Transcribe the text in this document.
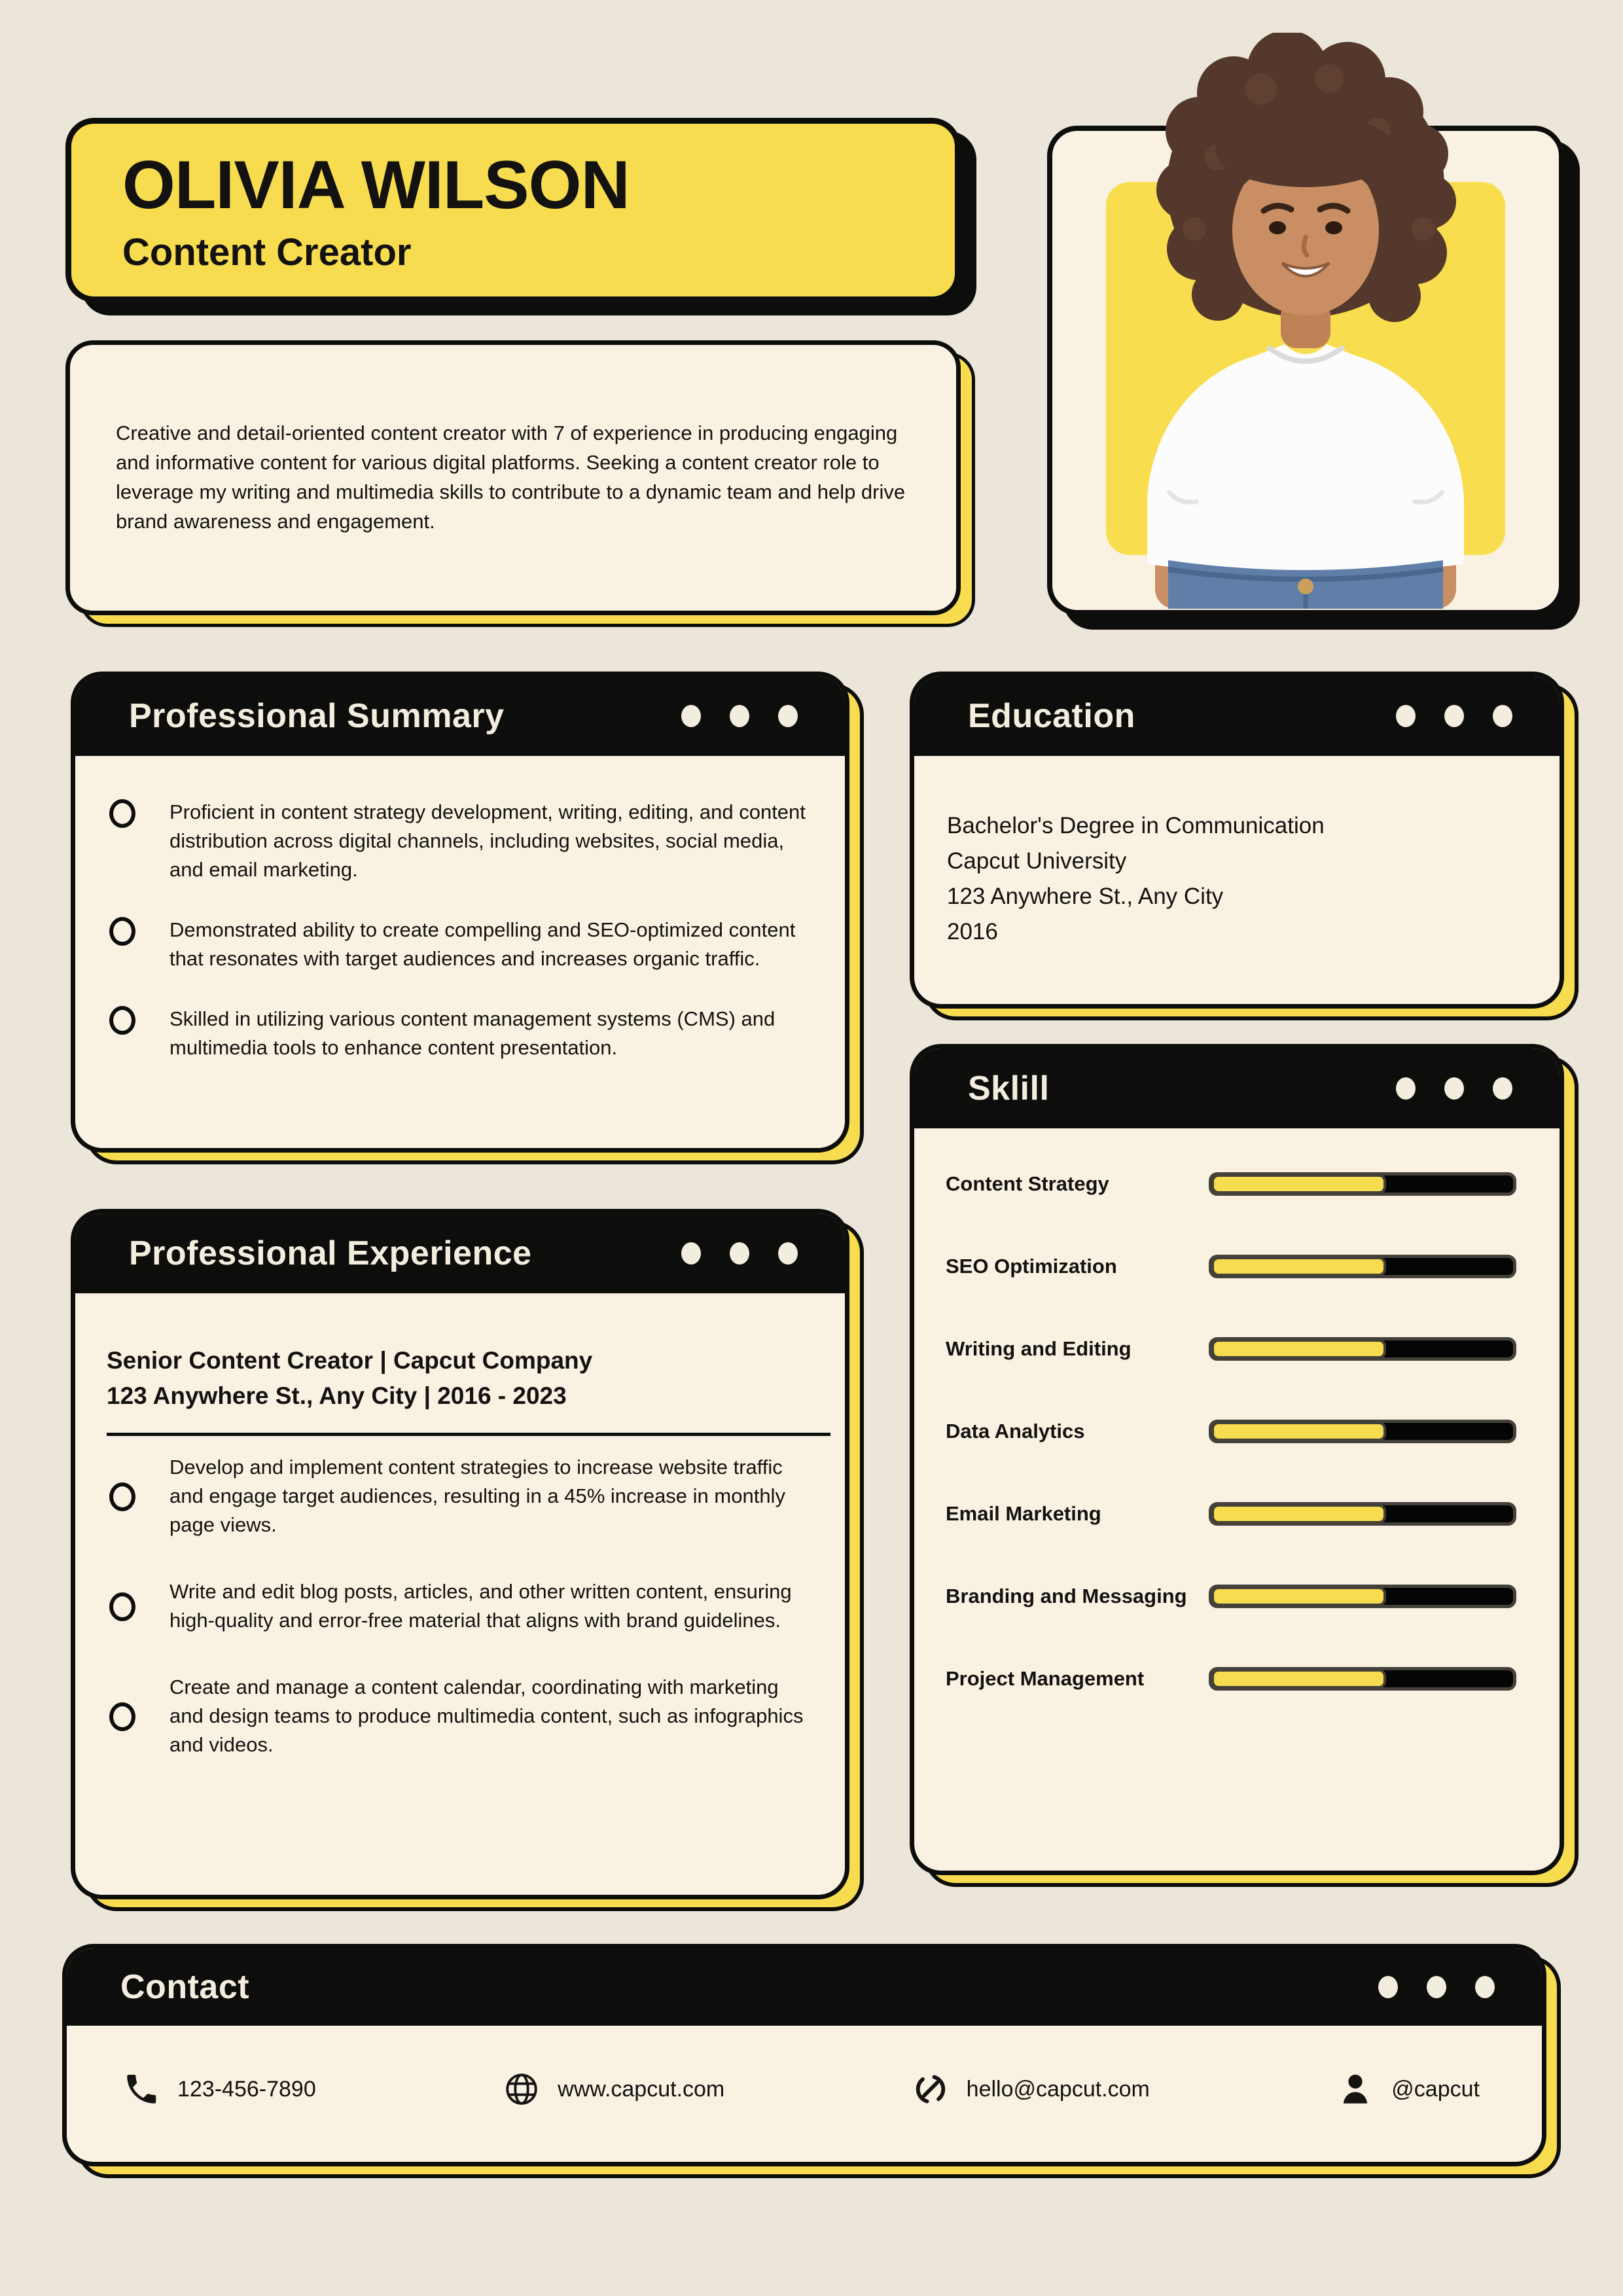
OLIVIA WILSON
Content Creator

Creative and detail-oriented content creator with 7 of experience in producing engaging and informative content for various digital platforms. Seeking a content creator role to leverage my writing and multimedia skills to contribute to a dynamic team and help drive brand awareness and engagement.

Professional Summary
Proficient in content strategy development, writing, editing, and content distribution across digital channels, including websites, social media, and email marketing.
Demonstrated ability to create compelling and SEO-optimized content that resonates with target audiences and increases organic traffic.
Skilled in utilizing various content management systems (CMS) and multimedia tools to enhance content presentation.
Education
Bachelor's Degree in Communication
Capcut University
123 Anywhere St., Any City
2016
Sklill
Content Strategy
SEO Optimization
Writing and Editing
Data Analytics
Email Marketing
Branding and Messaging
Project Management
Professional Experience
Senior Content Creator | Capcut Company
123 Anywhere St., Any City | 2016 - 2023
Develop and implement content strategies to increase website traffic and engage target audiences, resulting in a 45% increase in monthly page views.
Write and edit blog posts, articles, and other written content, ensuring high-quality and error-free material that aligns with brand guidelines.
Create and manage a content calendar, coordinating with marketing and design teams to produce multimedia content, such as infographics and videos.
Contact
123-456-7890	www.capcut.com	hello@capcut.com	@capcut
